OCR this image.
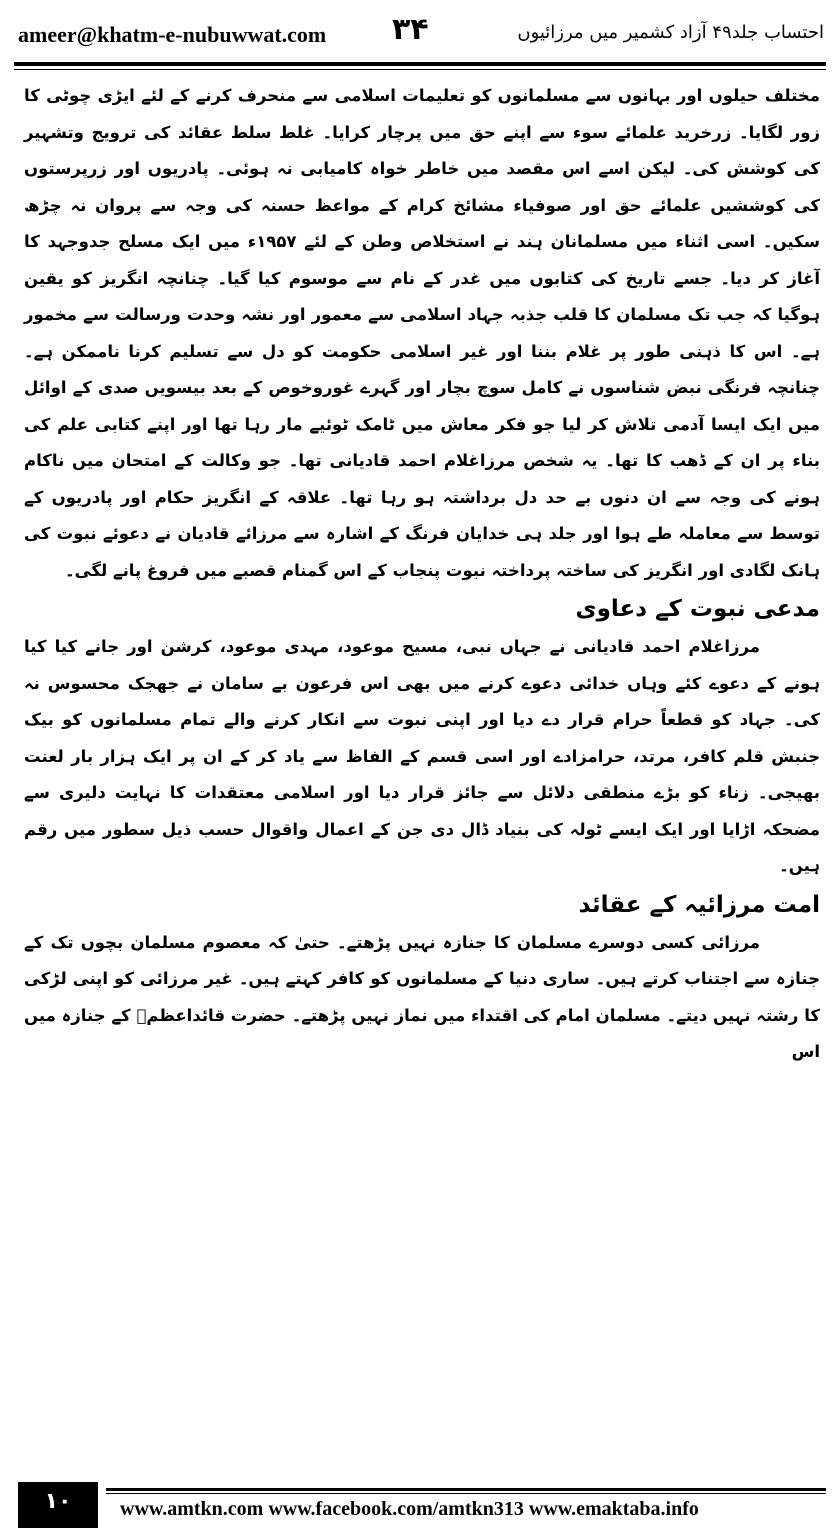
ameer@khatm-e-nubuwwat.com ۳۴	احتساب جلد۴۹ آزاد کشمیر میں مرزائیوں

مختلف حیلوں اور بہانوں سے مسلمانوں کو تعلیمات اسلامی سے منحرف کرنے کے لئے ایڑی چوٹی کا زور لگایا۔ زرخرید علمائے سوء سے اپنے حق میں پرچار کرایا۔ غلط سلط عقائد کی ترویج وتشہیر کی کوشش کی۔ لیکن اسے اس مقصد میں خاطر خواہ کامیابی نہ ہوئی۔ پادریوں اور زرپرستوں کی کوششیں علمائے حق اور صوفیاء مشائخ کرام کے مواعظ حسنہ کی وجہ سے پروان نہ چڑھ سکیں۔ اسی اثناء میں مسلمانان ہند نے استخلاص وطن کے لئے ۱۹۵۷ء میں ایک مسلح جدوجہد کا آغاز کر دیا۔ جسے تاریخ کی کتابوں میں غدر کے نام سے موسوم کیا گیا۔ چنانچہ انگریز کو یقین ہوگیا کہ جب تک مسلمان کا قلب جذبہ جہاد اسلامی سے معمور اور نشہ وحدت ورسالت سے مخمور ہے۔ اس کا ذہنی طور پر غلام بننا اور غیر اسلامی حکومت کو دل سے تسلیم کرنا ناممکن ہے۔ چنانچہ فرنگی نبض شناسوں نے کامل سوچ بچار اور گہرے غوروخوص کے بعد بیسویں صدی کے اوائل میں ایک ایسا آدمی تلاش کر لیا جو فکر معاش میں ٹامک ٹوئیے مار رہا تھا اور اپنے کتابی علم کی بناء پر ان کے ڈھب کا تھا۔ یہ شخص مرزاغلام احمد قادیانی تھا۔ جو وکالت کے امتحان میں ناکام ہونے کی وجہ سے ان دنوں بے حد دل برداشتہ ہو رہا تھا۔ علاقہ کے انگریز حکام اور پادریوں کے توسط سے معاملہ طے ہوا اور جلد ہی خدایان فرنگ کے اشارہ سے مرزائے قادیان نے دعوئے نبوت کی ہانک لگادی اور انگریز کی ساختہ پرداختہ نبوت پنجاب کے اس گمنام قصبے میں فروغ پانے لگی۔

مدعی نبوت کے دعاوی

مرزاغلام احمد قادیانی نے جہاں نبی، مسیح موعود، مہدی موعود، کرشن اور جانے کیا کیا ہونے کے دعوے کئے وہاں خدائی دعوے کرنے میں بھی اس فرعون بے سامان نے جھجک محسوس نہ کی۔ جہاد کو قطعاً حرام قرار دے دیا اور اپنی نبوت سے انکار کرنے والے تمام مسلمانوں کو بیک جنبش قلم کافر، مرتد، حرامزادے اور اسی قسم کے الفاظ سے یاد کر کے ان پر ایک ہزار بار لعنت بھیجی۔ زناء کو بڑے منطقی دلائل سے جائز قرار دیا اور اسلامی معتقدات کا نہایت دلیری سے مضحکہ اڑایا اور ایک ایسے ٹولہ کی بنیاد ڈال دی جن کے اعمال واقوال حسب ذیل سطور میں رقم ہیں۔

امت مرزائیہ کے عقائد

مرزائی کسی دوسرے مسلمان کا جنازہ نہیں پڑھتے۔ حتیٰ کہ معصوم مسلمان بچوں تک کے جنازہ سے اجتناب کرتے ہیں۔ ساری دنیا کے مسلمانوں کو کافر کہتے ہیں۔ غیر مرزائی کو اپنی لڑکی کا رشتہ نہیں دیتے۔ مسلمان امام کی اقتداء میں نماز نہیں پڑھتے۔ حضرت قائداعظمؒ کے جنازہ میں اس

۱۰	www.amtkn.com www.facebook.com/amtkn313 www.emaktaba.info
